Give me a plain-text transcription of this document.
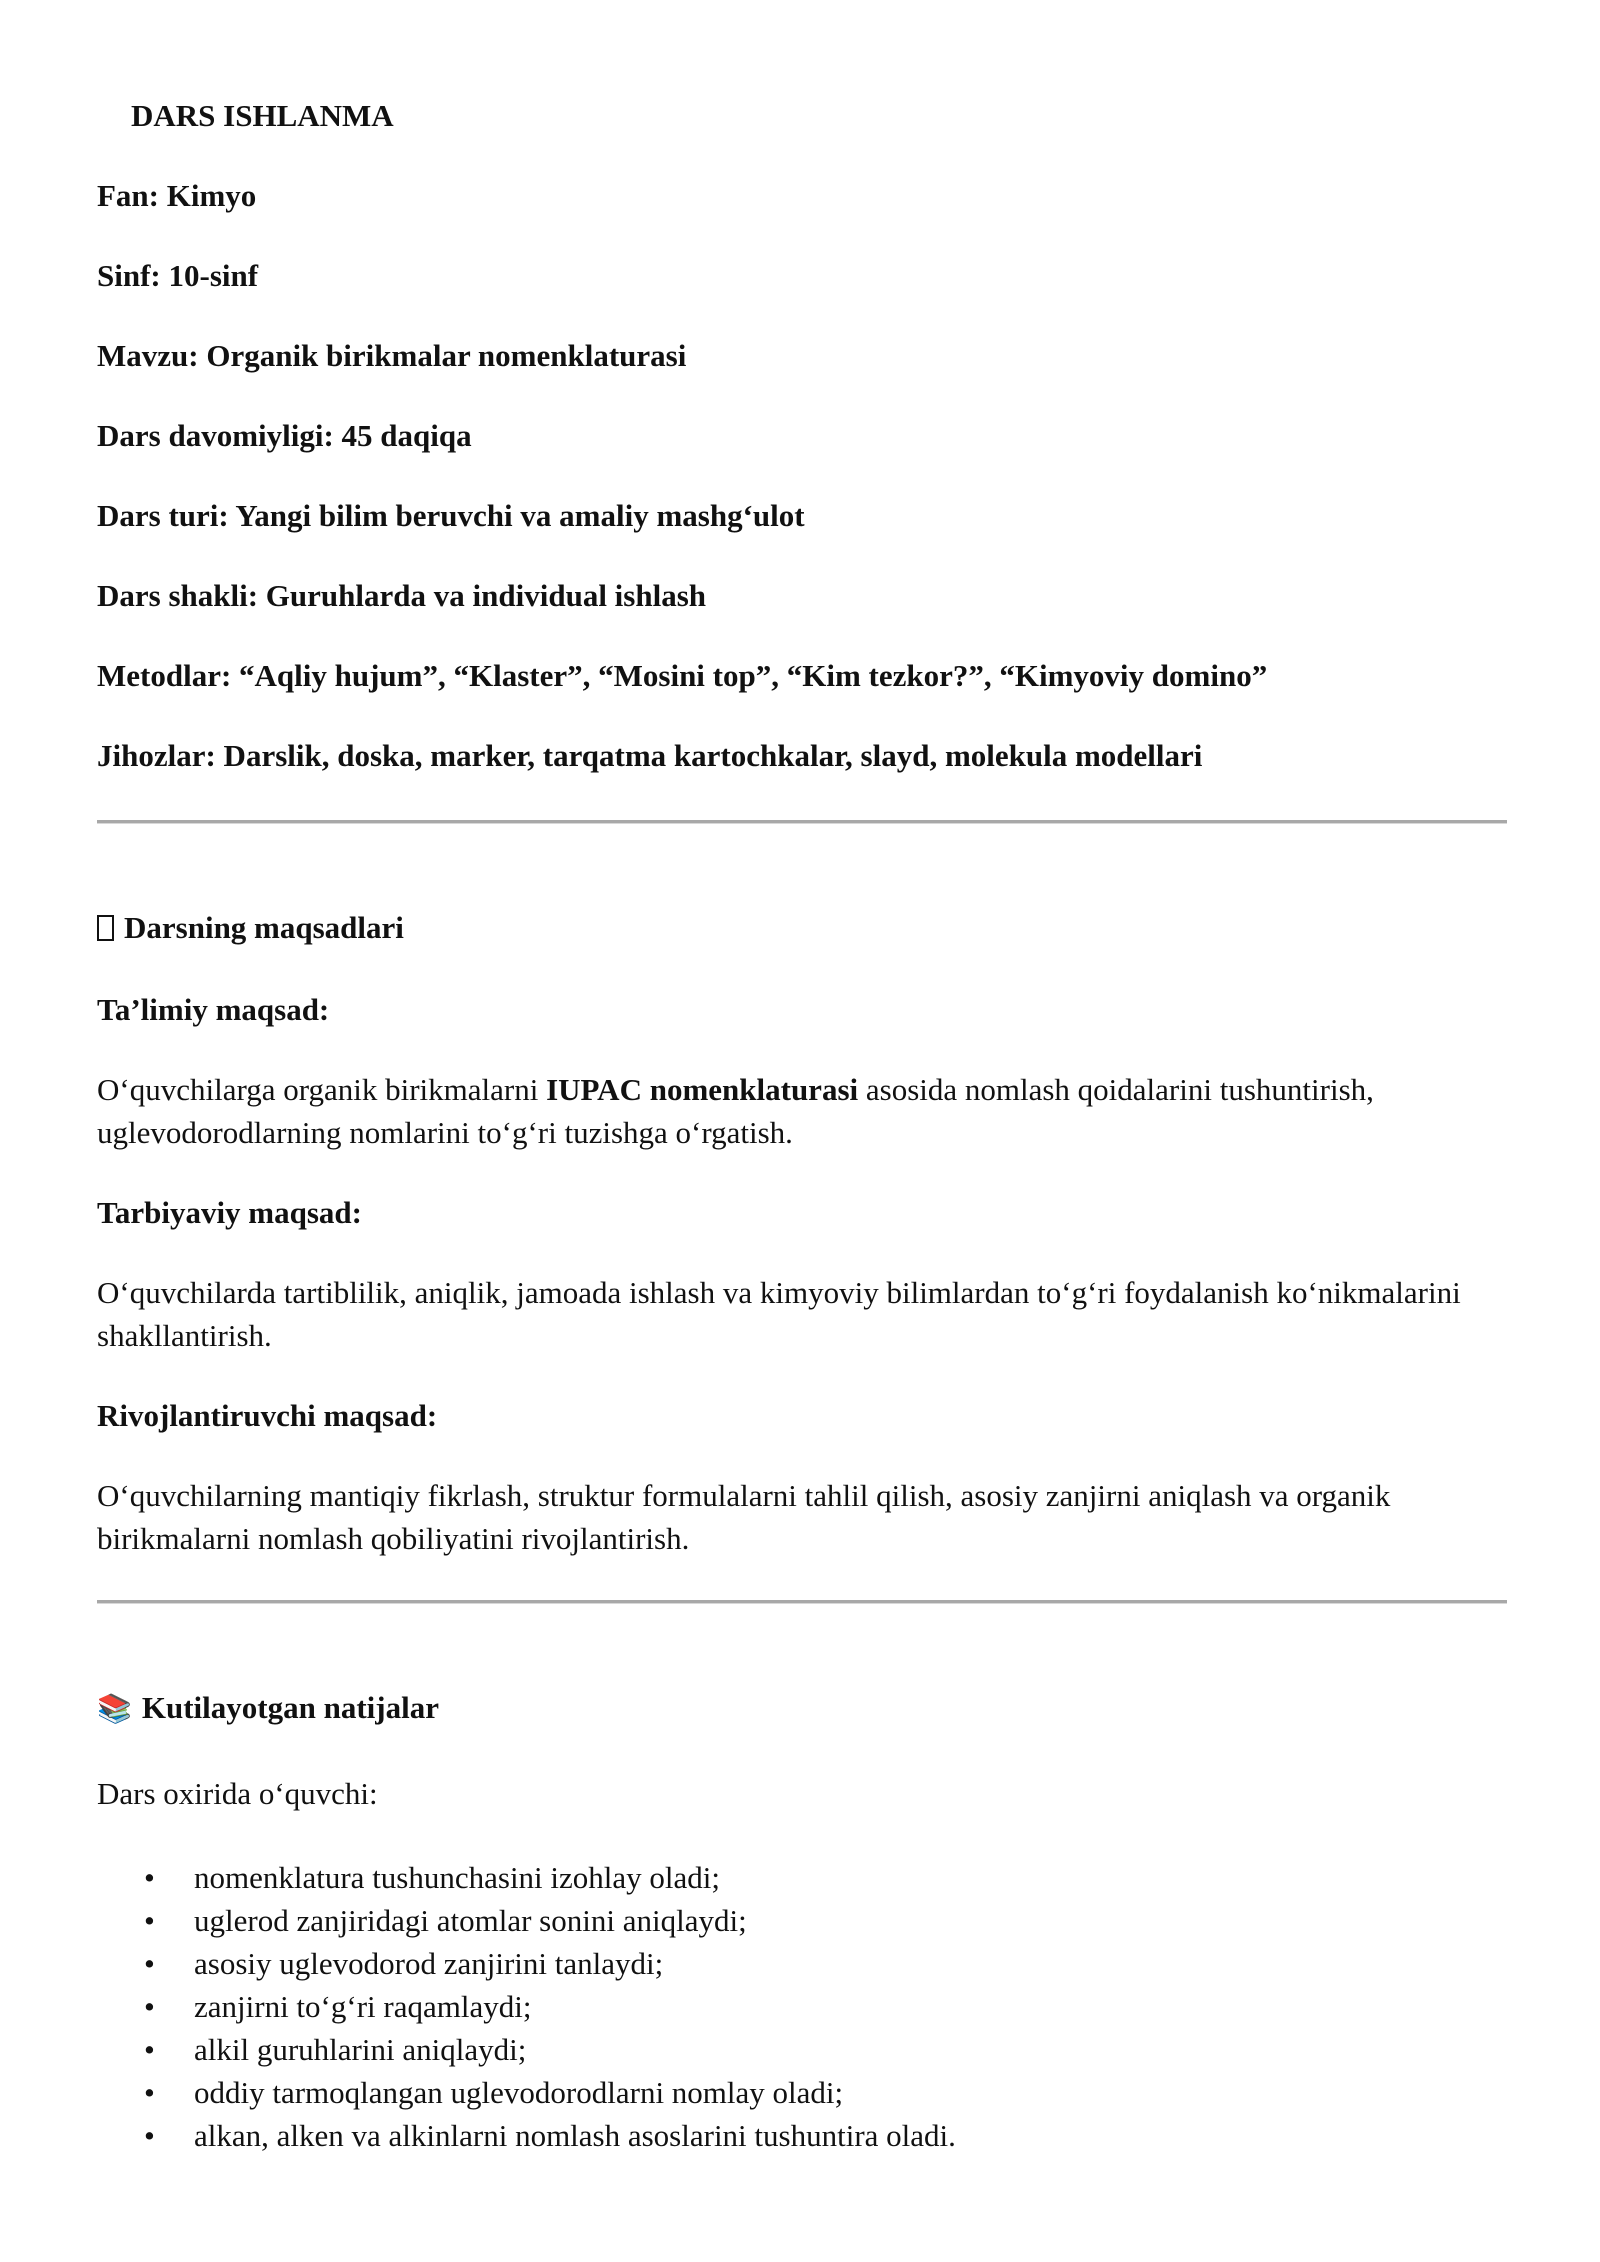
DARS ISHLANMA
Fan: Kimyo
Sinf: 10-sinf
Mavzu: Organik birikmalar nomenklaturasi
Dars davomiyligi: 45 daqiqa
Dars turi: Yangi bilim beruvchi va amaliy mashg‘ulot
Dars shakli: Guruhlarda va individual ishlash
Metodlar: “Aqliy hujum”, “Klaster”, “Mosini top”, “Kim tezkor?”, “Kimyoviy domino”
Jihozlar: Darslik, doska, marker, tarqatma kartochkalar, slayd, molekula modellari
Darsning maqsadlari
Ta’limiy maqsad:
O‘quvchilarga organik birikmalarni IUPAC nomenklaturasi asosida nomlash qoidalarini tushuntirish, uglevodorodlarning nomlarini to‘g‘ri tuzishga o‘rgatish.
Tarbiyaviy maqsad:
O‘quvchilarda tartiblilik, aniqlik, jamoada ishlash va kimyoviy bilimlardan to‘g‘ri foydalanish ko‘nikmalarini shakllantirish.
Rivojlantiruvchi maqsad:
O‘quvchilarning mantiqiy fikrlash, struktur formulalarni tahlil qilish, asosiy zanjirni aniqlash va organik birikmalarni nomlash qobiliyatini rivojlantirish.
📚 Kutilayotgan natijalar
Dars oxirida o‘quvchi:
• nomenklatura tushunchasini izohlay oladi;
• uglerod zanjiridagi atomlar sonini aniqlaydi;
• asosiy uglevodorod zanjirini tanlaydi;
• zanjirni to‘g‘ri raqamlaydi;
• alkil guruhlarini aniqlaydi;
• oddiy tarmoqlangan uglevodorodlarni nomlay oladi;
• alkan, alken va alkinlarni nomlash asoslarini tushuntira oladi.
